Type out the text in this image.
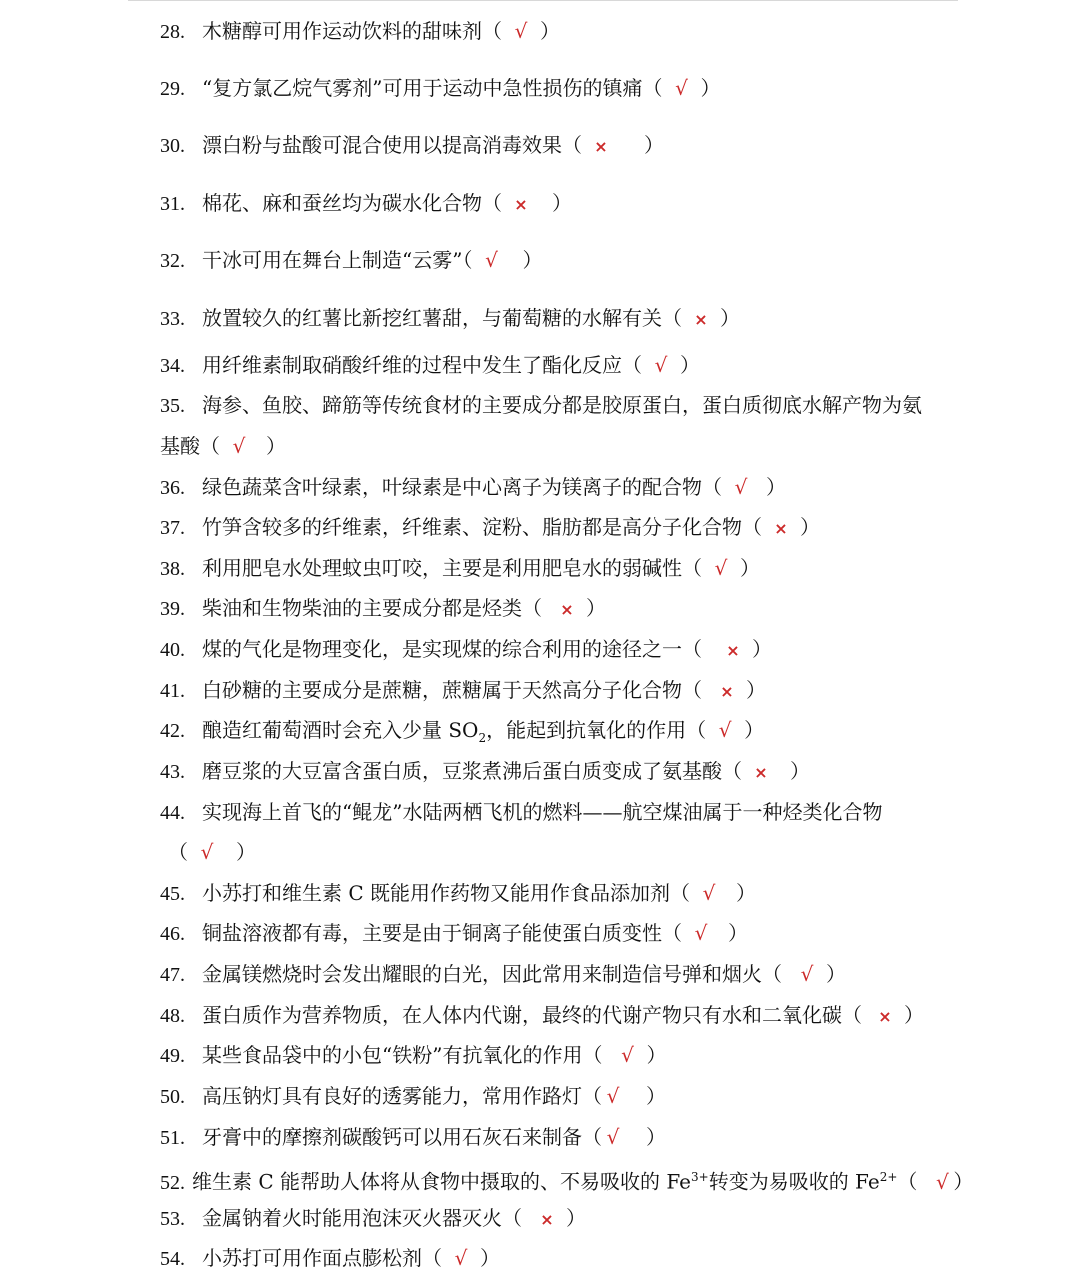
28. 木糖醇可用作运动饮料的甜味剂（ √ ）
29. “复方氯乙烷气雾剂”可用于运动中急性损伤的镇痛（ √ ）
30. 漂白粉与盐酸可混合使用以提高消毒效果（ × ）
31. 棉花、麻和蚕丝均为碳水化合物（ × ）
32. 干冰可用在舞台上制造“云雾”（ √ ）
33. 放置较久的红薯比新挖红薯甜，与葡萄糖的水解有关（ × ）
34. 用纤维素制取硝酸纤维的过程中发生了酯化反应（ √ ）
35. 海参、鱼胶、蹄筋等传统食材的主要成分都是胶原蛋白，蛋白质彻底水解产物为氨
基酸（ √ ）
36. 绿色蔬菜含叶绿素，叶绿素是中心离子为镁离子的配合物（ √ ）
37. 竹笋含较多的纤维素，纤维素、淀粉、脂肪都是高分子化合物（ × ）
38. 利用肥皂水处理蚊虫叮咬，主要是利用肥皂水的弱碱性（ √ ）
39. 柴油和生物柴油的主要成分都是烃类（ × ）
40. 煤的气化是物理变化，是实现煤的综合利用的途径之一（ × ）
41. 白砂糖的主要成分是蔗糖，蔗糖属于天然高分子化合物（ × ）
42. 酿造红葡萄酒时会充入少量 $SO_2$，能起到抗氧化的作用（ √ ）
43. 磨豆浆的大豆富含蛋白质，豆浆煮沸后蛋白质变成了氨基酸（ × ）
44. 实现海上首飞的“鲲龙”水陆两栖飞机的燃料——航空煤油属于一种烃类化合物
（ √ ）
45. 小苏打和维生素 C 既能用作药物又能用作食品添加剂（ √ ）
46. 铜盐溶液都有毒，主要是由于铜离子能使蛋白质变性（ √ ）
47. 金属镁燃烧时会发出耀眼的白光，因此常用来制造信号弹和烟火（ √ ）
48. 蛋白质作为营养物质，在人体内代谢，最终的代谢产物只有水和二氧化碳（ × ）
49. 某些食品袋中的小包“铁粉”有抗氧化的作用（ √ ）
50. 高压钠灯具有良好的透雾能力，常用作路灯（ √ ）
51. 牙膏中的摩擦剂碳酸钙可以用石灰石来制备（ √ ）
52. 维生素 C 能帮助人体将从食物中摄取的、不易吸收的 $Fe^{3+}$转变为易吸收的 $Fe^{2+}$（ √ ）
53. 金属钠着火时能用泡沫灭火器灭火（ × ）
54. 小苏打可用作面点膨松剂（ √ ）
